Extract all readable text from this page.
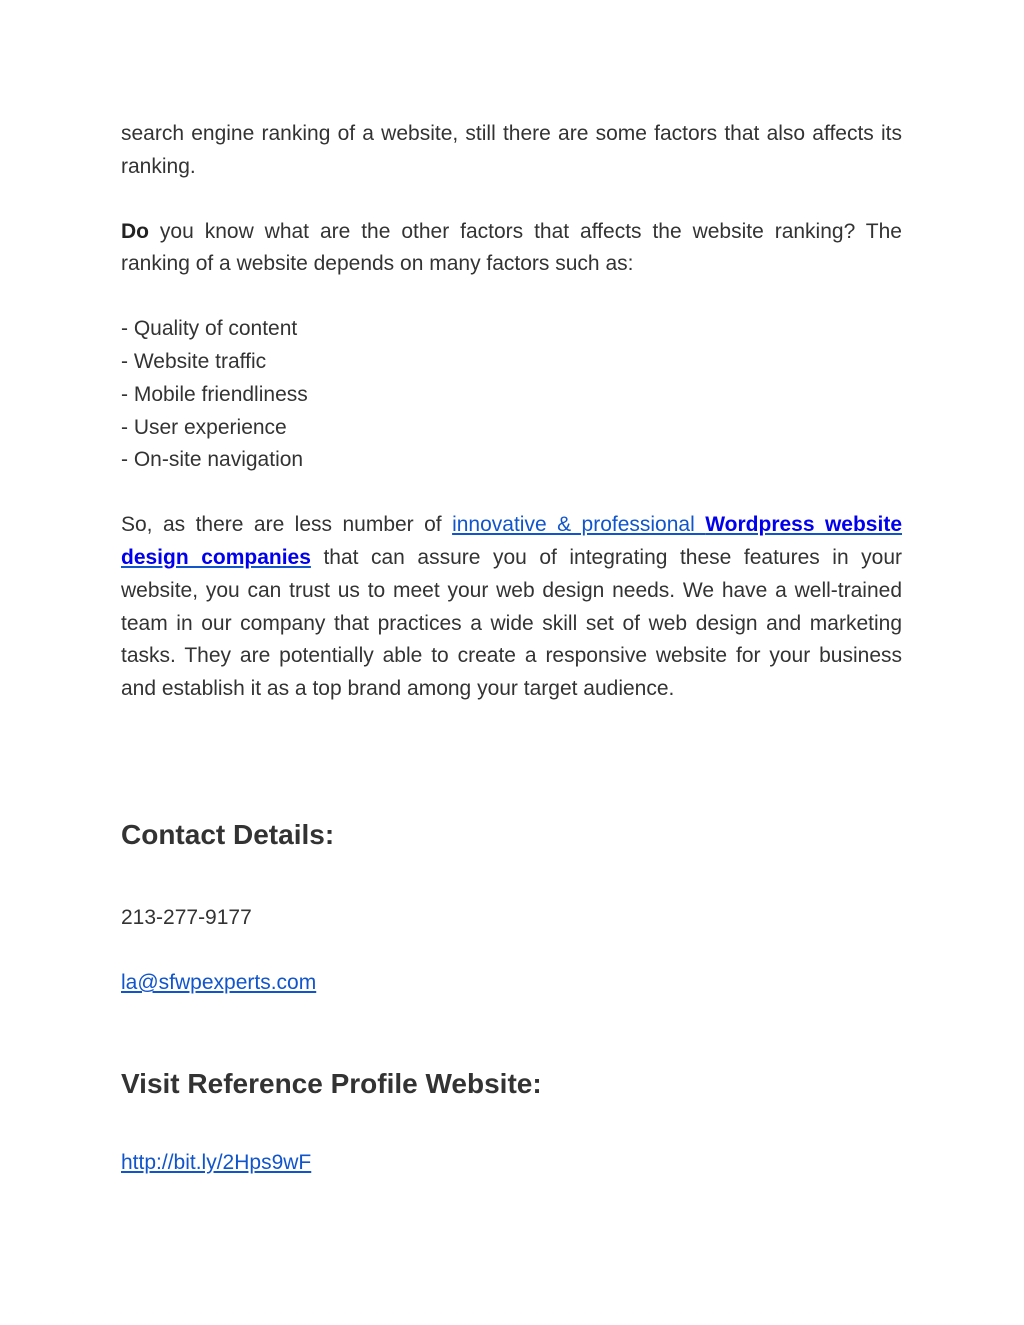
search engine ranking of a website, still there are some factors that also affects its ranking.

Do you know what are the other factors that affects the website ranking? The ranking of a website depends on many factors such as:

- Quality of content
- Website traffic
- Mobile friendliness
- User experience
- On-site navigation

So, as there are less number of innovative & professional Wordpress website design companies that can assure you of integrating these features in your website, you can trust us to meet your web design needs. We have a well-trained team in our company that practices a wide skill set of web design and marketing tasks. They are potentially able to create a responsive website for your business and establish it as a top brand among your target audience.

Contact Details:
213-277-9177
la@sfwpexperts.com
Visit Reference Profile Website:
http://bit.ly/2Hps9wF
